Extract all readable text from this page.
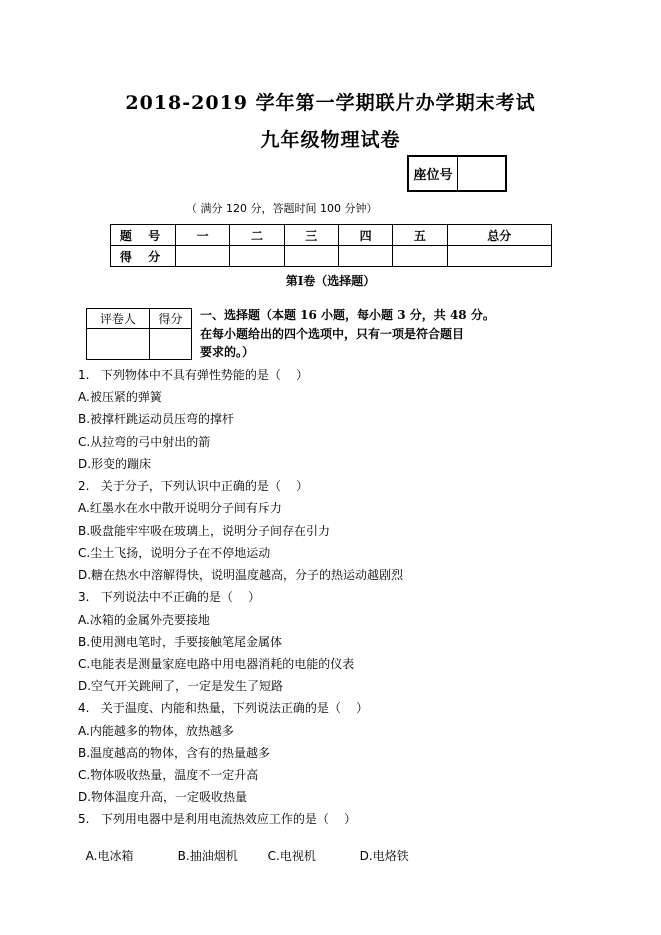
2018-2019 学年第一学期联片办学期末考试
九年级物理试卷
座位号	
（ 满分 120 分，答题时间 100 分钟）
题 号	一	二	三	四	五	总分
得 分						
第Ⅰ卷（选择题）
评卷人	得分
	一、选择题（本题 16 小题，每小题 3 分，共 48 分。
在每小题给出的四个选项中，只有一项是符合题目
要求的。）
1.   下列物体中不具有弹性势能的是（    ）
A.被压紧的弹簧
B.被撑杆跳运动员压弯的撑杆
C.从拉弯的弓中射出的箭
D.形变的蹦床
2.   关于分子，下列认识中正确的是（    ）
A.红墨水在水中散开说明分子间有斥力
B.吸盘能牢牢吸在玻璃上，说明分子间存在引力
C.尘土飞扬，说明分子在不停地运动
D.糖在热水中溶解得快，说明温度越高，分子的热运动越剧烈
3.   下列说法中不正确的是（    ）
A.冰箱的金属外壳要接地
B.使用测电笔时，手要接触笔尾金属体
C.电能表是测量家庭电路中用电器消耗的电能的仪表
D.空气开关跳闸了，一定是发生了短路
4.   关于温度、内能和热量，下列说法正确的是（    ）
A.内能越多的物体，放热越多
B.温度越高的物体，含有的热量越多
C.物体吸收热量，温度不一定升高
D.物体温度升高，一定吸收热量
5.   下列用电器中是利用电流热效应工作的是（    ）

A.电冰箱	B.抽油烟机 C.电视机	D.电烙铁
